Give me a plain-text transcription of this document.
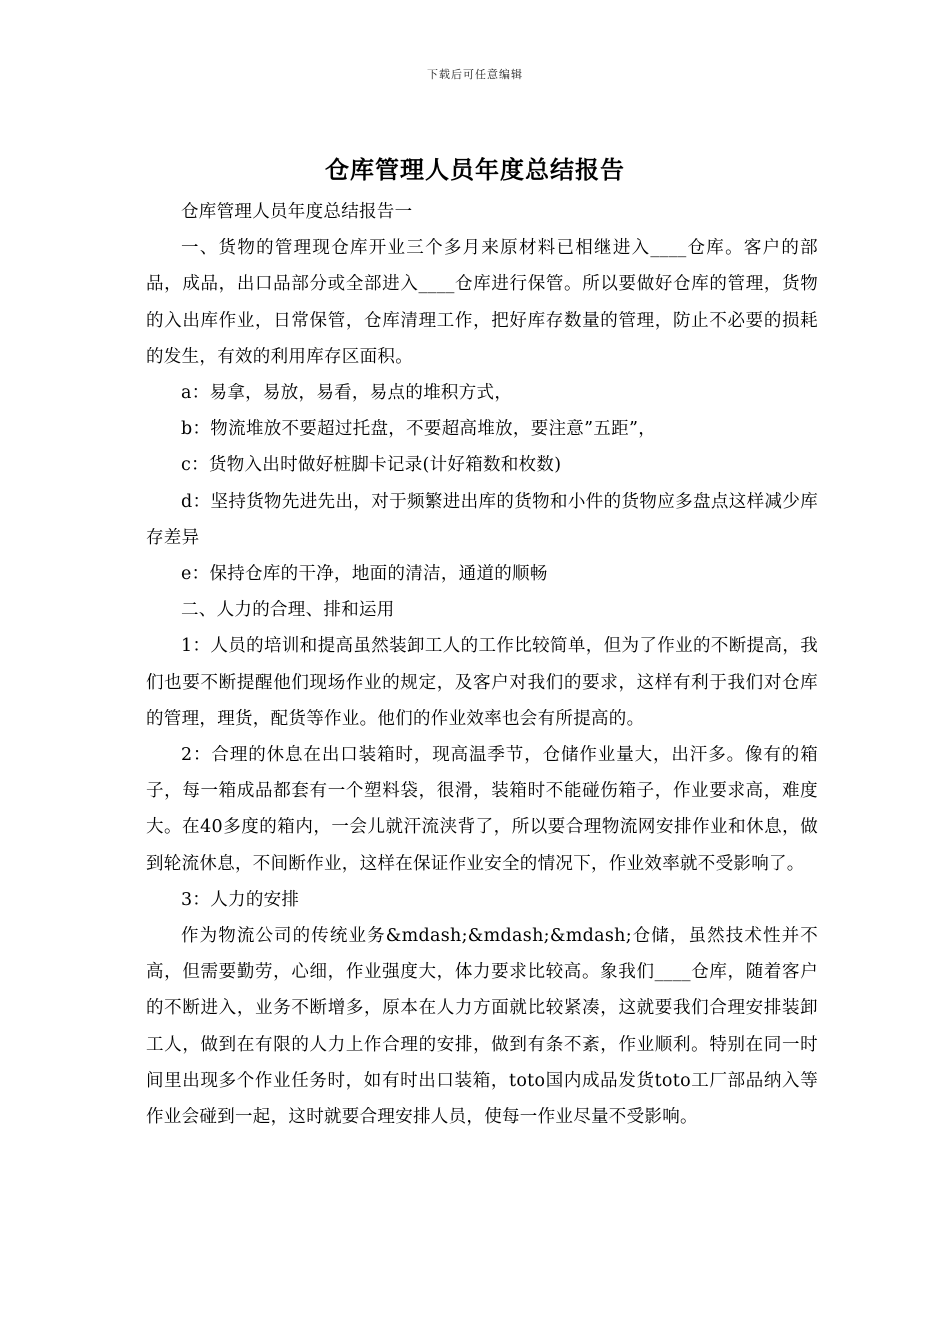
下载后可任意编辑
仓库管理人员年度总结报告

仓库管理人员年度总结报告一

一、货物的管理现仓库开业三个多月来原材料已相继进入____仓库。客户的部品，成品，出口品部分或全部进入____仓库进行保管。所以要做好仓库的管理，货物的入出库作业，日常保管，仓库清理工作，把好库存数量的管理，防止不必要的损耗的发生，有效的利用库存区面积。

a：易拿，易放，易看，易点的堆积方式，

b：物流堆放不要超过托盘，不要超高堆放，要注意”五距”，

c：货物入出时做好桩脚卡记录(计好箱数和枚数)

d：坚持货物先进先出，对于频繁进出库的货物和小件的货物应多盘点这样减少库存差异

e：保持仓库的干净，地面的清洁，通道的顺畅

二、人力的合理、排和运用

1：人员的培训和提高虽然装卸工人的工作比较简单，但为了作业的不断提高，我们也要不断提醒他们现场作业的规定，及客户对我们的要求，这样有利于我们对仓库的管理，理货，配货等作业。他们的作业效率也会有所提高的。

2：合理的休息在出口装箱时，现高温季节，仓储作业量大，出汗多。像有的箱子，每一箱成品都套有一个塑料袋，很滑，装箱时不能碰伤箱子，作业要求高，难度大。在40多度的箱内，一会儿就汗流浃背了，所以要合理物流网安排作业和休息，做到轮流休息，不间断作业，这样在保证作业安全的情况下，作业效率就不受影响了。

3：人力的安排

作为物流公司的传统业务&mdash;&mdash;&mdash;仓储，虽然技术性并不高，但需要勤劳，心细，作业强度大，体力要求比较高。象我们____仓库，随着客户的不断进入，业务不断增多，原本在人力方面就比较紧凑，这就要我们合理安排装卸工人，做到在有限的人力上作合理的安排，做到有条不紊，作业顺利。特别在同一时间里出现多个作业任务时，如有时出口装箱，toto国内成品发货toto工厂部品纳入等作业会碰到一起，这时就要合理安排人员，使每一作业尽量不受影响。
